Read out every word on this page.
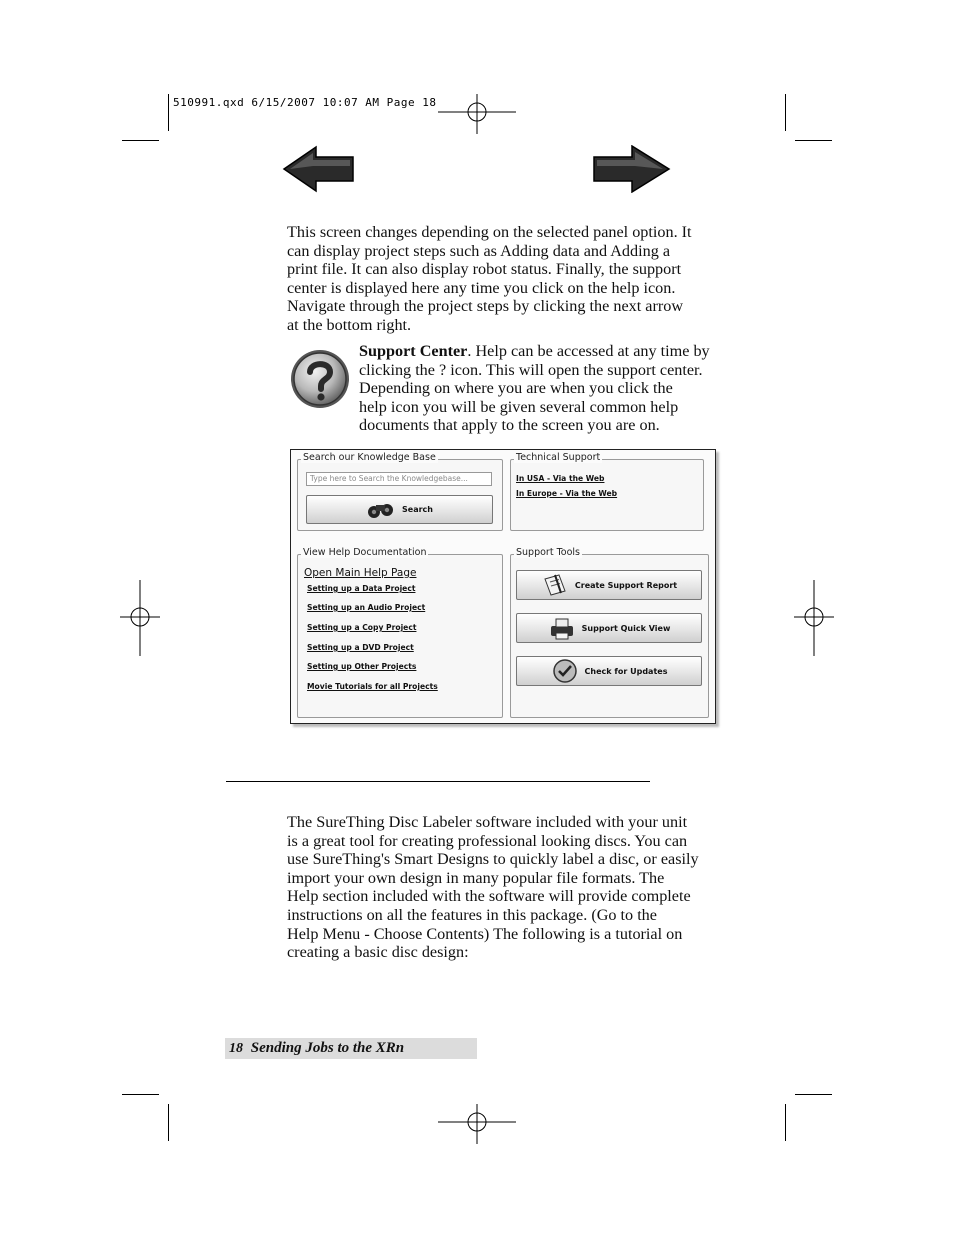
510991.qxd 6/15/2007 10:07 AM Page 18
This screen changes depending on the selected panel option. It
can display project steps such as Adding data and Adding a
print file. It can also display robot status. Finally, the support
center is displayed here any time you click on the help icon.
Navigate through the project steps by clicking the next arrow
at the bottom right.
Support Center. Help can be accessed at any time by
clicking the ? icon. This will open the support center.
Depending on where you are when you click the
help icon you will be given several common help
documents that apply to the screen you are on.
Search our Knowledge Base
Type here to Search the Knowledgebase...
Search
Technical Support
In USA - Via the Web
In Europe - Via the Web
View Help Documentation
Open Main Help Page
Setting up a Data Project
Setting up an Audio Project
Setting up a Copy Project
Setting up a DVD Project
Setting up Other Projects
Movie Tutorials for all Projects
Support Tools
Create Support Report
Support Quick View
Check for Updates
The SureThing Disc Labeler software included with your unit
is a great tool for creating professional looking discs. You can
use SureThing's Smart Designs to quickly label a disc, or easily
import your own design in many popular file formats. The
Help section included with the software will provide complete
instructions on all the features in this package. (Go to the
Help Menu - Choose Contents) The following is a tutorial on
creating a basic disc design:
18 Sending Jobs to the XRn
